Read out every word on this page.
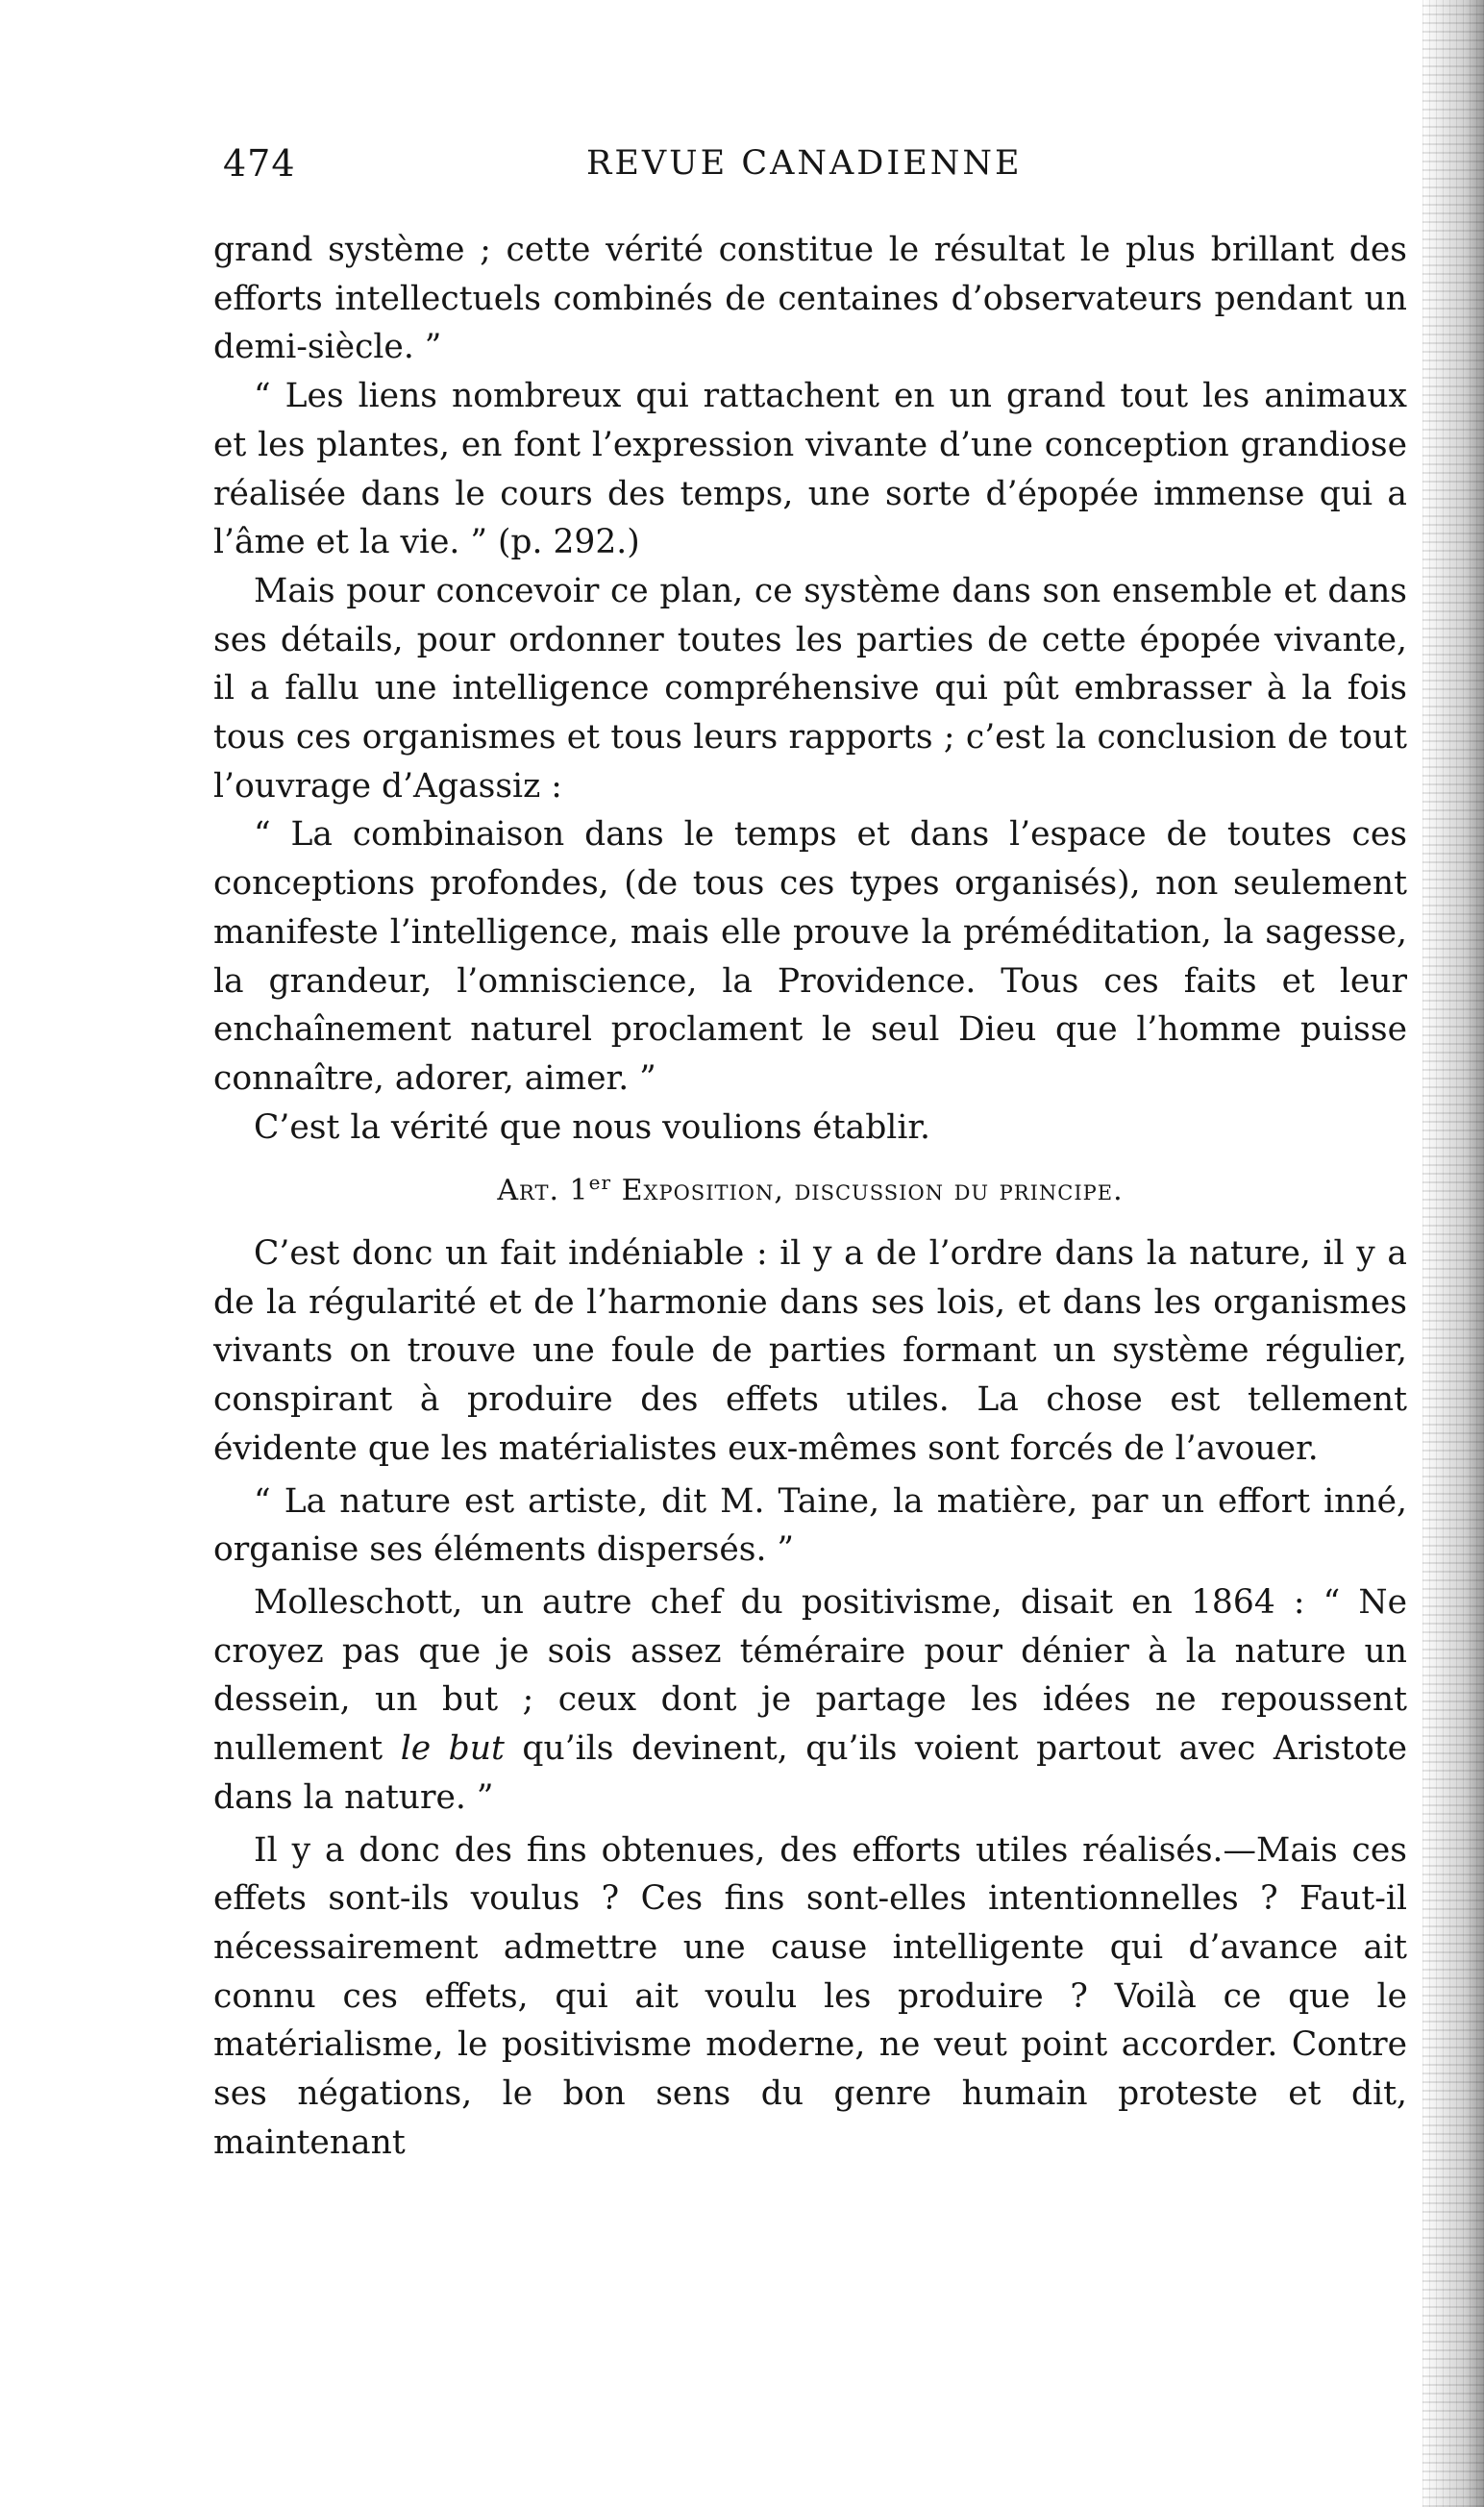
474	REVUE CANADIENNE

grand système ; cette vérité constitue le résultat le plus brillant des efforts intellectuels combinés de centaines d’observateurs pendant un demi-siècle. ”

“ Les liens nombreux qui rattachent en un grand tout les animaux et les plantes, en font l’expression vivante d’une conception grandiose réalisée dans le cours des temps, une sorte d’épopée immense qui a l’âme et la vie. ” (p. 292.)

Mais pour concevoir ce plan, ce système dans son ensemble et dans ses détails, pour ordonner toutes les parties de cette épopée vivante, il a fallu une intelligence compréhensive qui pût embrasser à la fois tous ces organismes et tous leurs rapports ; c’est la conclusion de tout l’ouvrage d’Agassiz :

“ La combinaison dans le temps et dans l’espace de toutes ces conceptions profondes, (de tous ces types organisés), non seulement manifeste l’intelligence, mais elle prouve la préméditation, la sagesse, la grandeur, l’omniscience, la Providence. Tous ces faits et leur enchaînement naturel proclament le seul Dieu que l’homme puisse connaître, adorer, aimer. ”

C’est la vérité que nous voulions établir.

Art. 1er Exposition, discussion du principe.

C’est donc un fait indéniable : il y a de l’ordre dans la nature, il y a de la régularité et de l’harmonie dans ses lois, et dans les organismes vivants on trouve une foule de parties formant un système régulier, conspirant à produire des effets utiles. La chose est tellement évidente que les matérialistes eux-mêmes sont forcés de l’avouer.

“ La nature est artiste, dit M. Taine, la matière, par un effort inné, organise ses éléments dispersés. ”

Molleschott, un autre chef du positivisme, disait en 1864 : “ Ne croyez pas que je sois assez téméraire pour dénier à la nature un dessein, un but ; ceux dont je partage les idées ne repoussent nullement le but qu’ils devinent, qu’ils voient partout avec Aristote dans la nature. ”

Il y a donc des fins obtenues, des efforts utiles réalisés.—Mais ces effets sont-ils voulus ? Ces fins sont-elles intentionnelles ? Faut-il nécessairement admettre une cause intelligente qui d’avance ait connu ces effets, qui ait voulu les produire ? Voilà ce que le matérialisme, le positivisme moderne, ne veut point accorder. Contre ses négations, le bon sens du genre humain proteste et dit, maintenant
